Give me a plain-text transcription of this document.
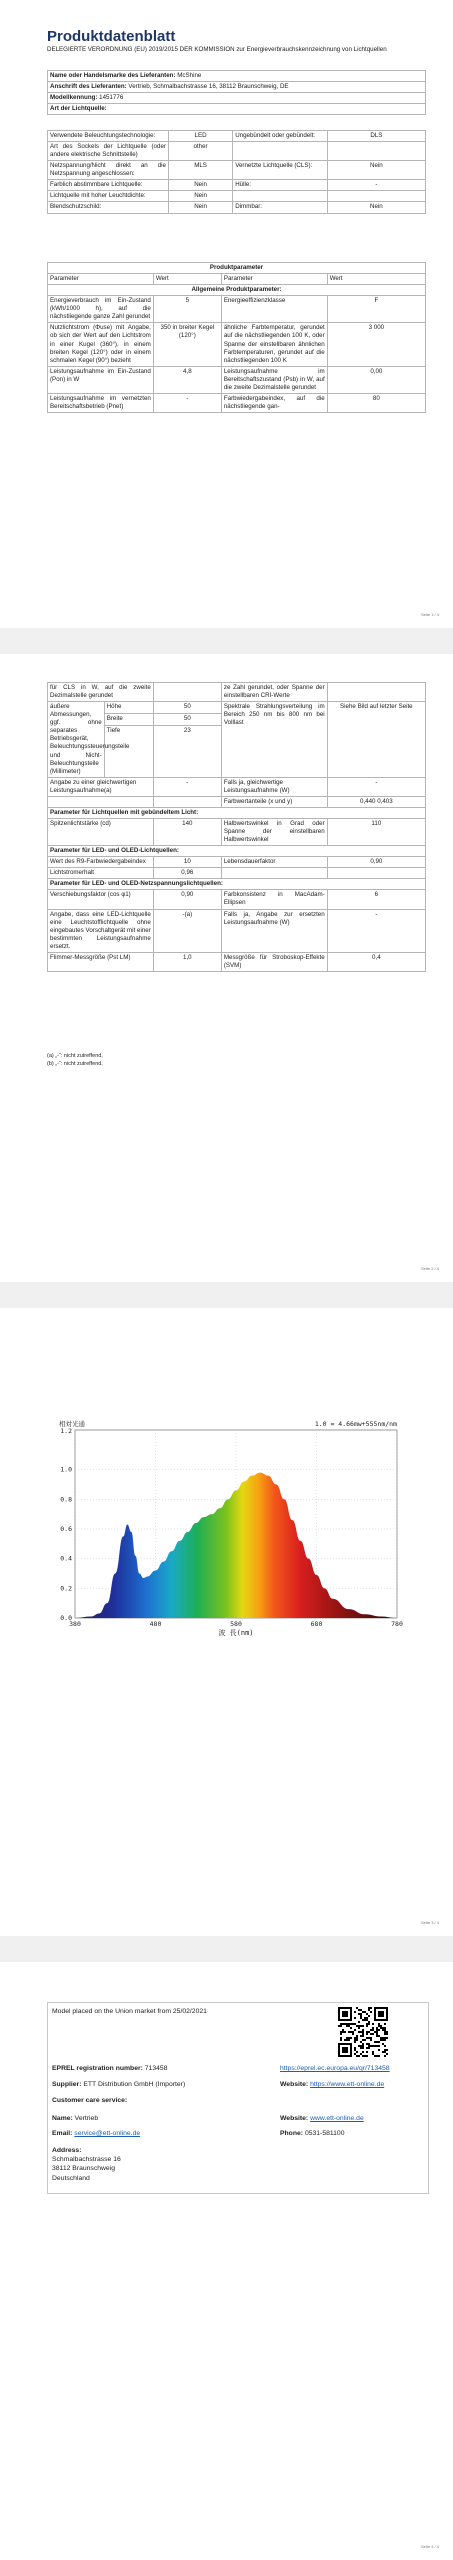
Produktdatenblatt
DELEGIERTE VERORDNUNG (EU) 2019/2015 DER KOMMISSION zur Energieverbrauchskennzeichnung von Lichtquellen
Name oder Handelsmarke des Lieferanten: McShine
Anschrift des Lieferanten: Vertrieb, Schmalbachstrasse 16, 38112 Braunschweig, DE
Modellkennung: 1451776
Art der Lichtquelle:
Verwendete Beleuchtungstechnologie:	LED	Ungebündelt oder gebündelt:	DLS
Art des Sockels der Lichtquelle (oder andere elektrische Schnittstelle)	other		
Netzspannung/Nicht direkt an die Netzspannung angeschlossen:	MLS	Vernetzte Lichtquelle (CLS):	Nein
Farblich abstimmbare Lichtquelle:	Nein	Hülle:	-
Lichtquelle mit hoher Leuchtdichte:	Nein		
Blendschutzschild:	Nein	Dimmbar:	Nein
Produktparameter			
Parameter	Wert	Parameter	Wert
Allgemeine Produktparameter:			
Energieverbrauch im Ein-Zustand (kWh/1000 h), auf die nächstliegende ganze Zahl gerundet	5	Energieeffizienzklasse	F
Nutzlichtstrom (Φuse) mit Angabe, ob sich der Wert auf den Lichtstrom in einer Kugel (360°), in einem breiten Kegel (120°) oder in einem schmalen Kegel (90°) bezieht	350 in breiter Kegel (120°)	ähnliche Farbtemperatur, gerundet auf die nächstliegenden 100 K, oder Spanne der einstellbaren ähnlichen Farbtemperaturen, gerundet auf die nächstliegenden 100 K	3 000
Leistungsaufnahme im Ein-Zustand (Pon) in W	4,8	Leistungsaufnahme im Bereitschaftszustand (Psb) in W, auf die zweite Dezimalstelle gerundet	0,00
Leistungsaufnahme im vernetzten Bereitschaftsbetrieb (Pnet)	-	Farbwiedergabeindex, auf die nächstliegende gan-	80
Seite 1 / 4
für CLS in W, auf die zweite Dezimalstelle gerundet			ze Zahl gerundet, oder Spanne der einstellbaren CRI-Werte	
äußere Abmessungen, ggf. ohne separates Betriebsgerät, Beleuchtungssteuerungsteile und Nicht-Beleuchtungsteile (Millimeter)	Höhe	50	Spektrale Strahlungsverteilung im Bereich 250 nm bis 800 nm bei Volllast	Siehe Bild auf letzter Seite
	Breite	50		
	Tiefe	23		
Angabe zu einer gleichwertigen Leistungsaufnahme(a)		-	Falls ja, gleichwertige Leistungsaufnahme (W)	-
			Farbwertanteile (x und y)	0,440 0,403
Parameter für Lichtquellen mit gebündeltem Licht:				
Spitzenlichtstärke (cd)		140	Halbwertswinkel in Grad oder Spanne der einstellbaren Halbwertswinkel	110
Parameter für LED- und OLED-Lichtquellen:				
Wert des R9-Farbwiedergabeindex		10	Lebensdauerfaktor	0,90
Lichtstromerhalt		0,96		
Parameter für LED- und OLED-Netzspannungslichtquellen:				
Verschiebungsfaktor (cos φ1)		0,90	Farbkonsistenz in MacAdam-Ellipsen	6
Angabe, dass eine LED-Lichtquelle eine Leuchtstofflichtquelle ohne eingebautes Vorschaltgerät mit einer bestimmten Leistungsaufnahme ersetzt.		-(a)	Falls ja, Angabe zur ersetzten Leistungsaufnahme (W)	-
Flimmer-Messgröße (Pst LM)		1,0	Messgröße für Stroboskop-Effekte (SVM)	0,4
(a) „-“: nicht zutreffend,
(b) „-“: nicht zutreffend,
Seite 2 / 4
0.0
0.2
0.4
0.6
0.8
1.0
380	480	580	680	780
相対光通	1.0 = 4.66mw+555nm/nm
1.2
波 長(nm)
Seite 3 / 4
Model placed on the Union market from 25/02/2021
EPREL registration number: 713458	https://eprel.ec.europa.eu/qr/713458
Supplier: ETT Distribution GmbH (Importer)	Website: https://www.ett-online.de
Customer care service:
Name: Vertrieb	Website: www.ett-online.de
Email: service@ett-online.de	Phone: 0531-581100
Address:
Schmalbachstrasse 16
38112 Braunschweig
Deutschland
Seite 4 / 4
